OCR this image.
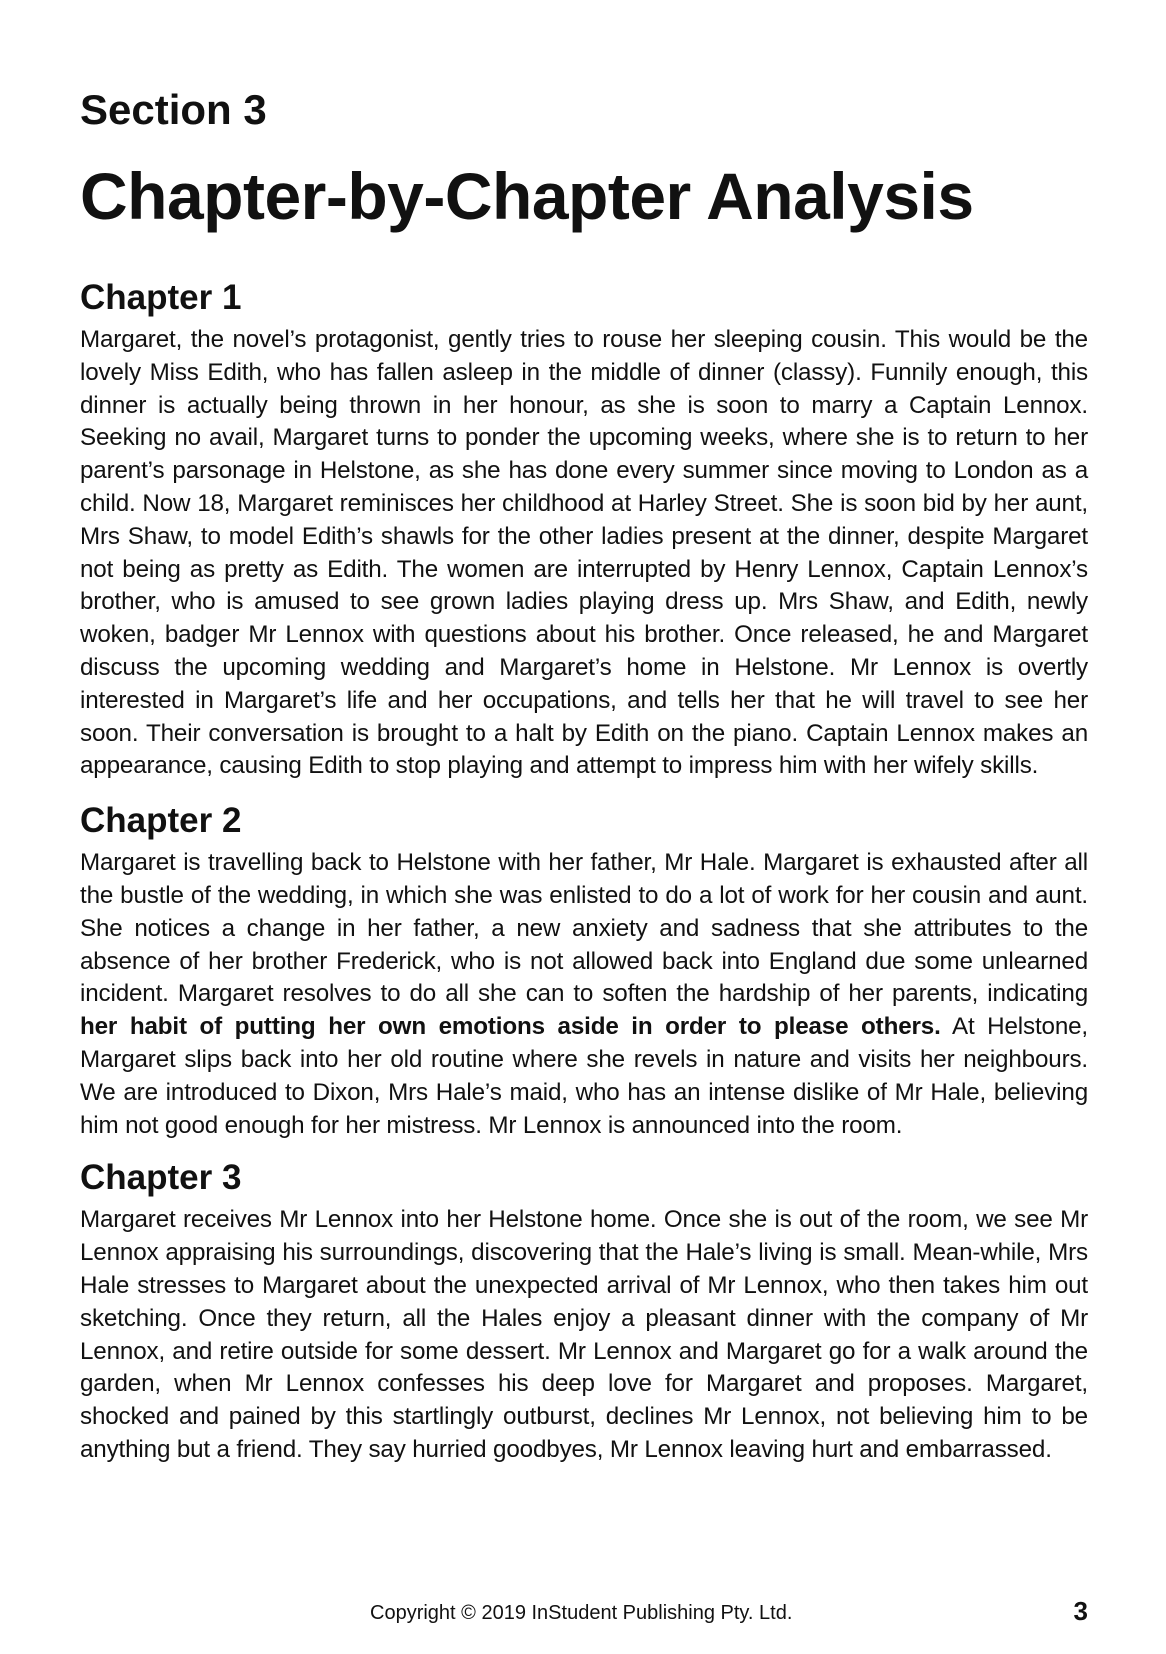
Section 3
Chapter-by-Chapter Analysis
Chapter 1

Margaret, the novel’s protagonist, gently tries to rouse her sleeping cousin. This would be the lovely Miss Edith, who has fallen asleep in the middle of dinner (classy). Funnily enough, this dinner is actually being thrown in her honour, as she is soon to marry a Captain Lennox. Seeking no avail, Margaret turns to ponder the upcoming weeks, where she is to return to her parent’s parsonage in Helstone, as she has done every summer since moving to London as a child. Now 18, Margaret reminisces her childhood at Harley Street. She is soon bid by her aunt, Mrs Shaw, to model Edith’s shawls for the other ladies present at the dinner, despite Margaret not being as pretty as Edith. The women are interrupted by Henry Lennox, Captain Lennox’s brother, who is amused to see grown ladies playing dress up. Mrs Shaw, and Edith, newly woken, badger Mr Lennox with questions about his brother. Once released, he and Margaret discuss the upcoming wedding and Margaret’s home in Helstone. Mr Lennox is overtly interested in Margaret’s life and her occupations, and tells her that he will travel to see her soon. Their conversation is brought to a halt by Edith on the piano. Captain Lennox makes an appearance, causing Edith to stop playing and attempt to impress him with her wifely skills.

Chapter 2

Margaret is travelling back to Helstone with her father, Mr Hale. Margaret is exhausted after all the bustle of the wedding, in which she was enlisted to do a lot of work for her cousin and aunt. She notices a change in her father, a new anxiety and sadness that she attributes to the absence of her brother Frederick, who is not allowed back into England due some unlearned incident. Margaret resolves to do all she can to soften the hardship of her parents, indicating her habit of putting her own emotions aside in order to please others. At Helstone, Margaret slips back into her old routine where she revels in nature and visits her neighbours. We are introduced to Dixon, Mrs Hale’s maid, who has an intense dislike of Mr Hale, believing him not good enough for her mistress. Mr Lennox is announced into the room.

Chapter 3

Margaret receives Mr Lennox into her Helstone home. Once she is out of the room, we see Mr Lennox appraising his surroundings, discovering that the Hale’s living is small. Mean-while, Mrs Hale stresses to Margaret about the unexpected arrival of Mr Lennox, who then takes him out sketching. Once they return, all the Hales enjoy a pleasant dinner with the company of Mr Lennox, and retire outside for some dessert. Mr Lennox and Margaret go for a walk around the garden, when Mr Lennox confesses his deep love for Margaret and proposes. Margaret, shocked and pained by this startlingly outburst, declines Mr Lennox, not believing him to be anything but a friend. They say hurried goodbyes, Mr Lennox leaving hurt and embarrassed.

Copyright © 2019 InStudent Publishing Pty. Ltd.	3
